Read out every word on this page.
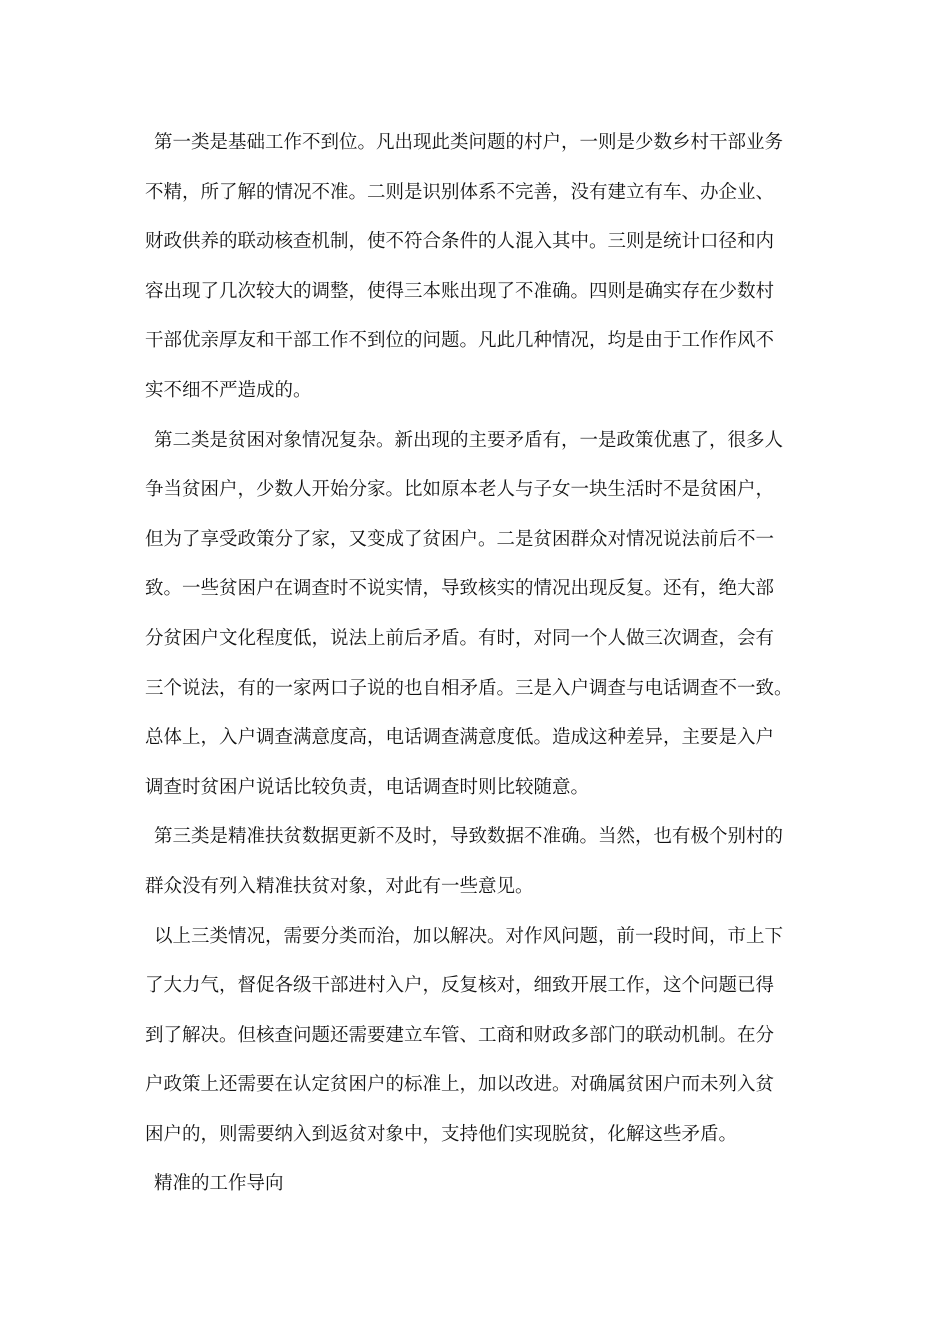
第一类是基础工作不到位。凡出现此类问题的村户，一则是少数乡村干部业务
不精，所了解的情况不准。二则是识别体系不完善，没有建立有车、办企业、
财政供养的联动核查机制，使不符合条件的人混入其中。三则是统计口径和内
容出现了几次较大的调整，使得三本账出现了不准确。四则是确实存在少数村
干部优亲厚友和干部工作不到位的问题。凡此几种情况，均是由于工作作风不
实不细不严造成的。
第二类是贫困对象情况复杂。新出现的主要矛盾有，一是政策优惠了，很多人
争当贫困户，少数人开始分家。比如原本老人与子女一块生活时不是贫困户，
但为了享受政策分了家，又变成了贫困户。二是贫困群众对情况说法前后不一
致。一些贫困户在调查时不说实情，导致核实的情况出现反复。还有，绝大部
分贫困户文化程度低，说法上前后矛盾。有时，对同一个人做三次调查，会有
三个说法，有的一家两口子说的也自相矛盾。三是入户调查与电话调查不一致。
总体上，入户调查满意度高，电话调查满意度低。造成这种差异，主要是入户
调查时贫困户说话比较负责，电话调查时则比较随意。
第三类是精准扶贫数据更新不及时，导致数据不准确。当然，也有极个别村的
群众没有列入精准扶贫对象，对此有一些意见。
以上三类情况，需要分类而治，加以解决。对作风问题，前一段时间，市上下
了大力气，督促各级干部进村入户，反复核对，细致开展工作，这个问题已得
到了解决。但核查问题还需要建立车管、工商和财政多部门的联动机制。在分
户政策上还需要在认定贫困户的标准上，加以改进。对确属贫困户而未列入贫
困户的，则需要纳入到返贫对象中，支持他们实现脱贫，化解这些矛盾。
精准的工作导向
